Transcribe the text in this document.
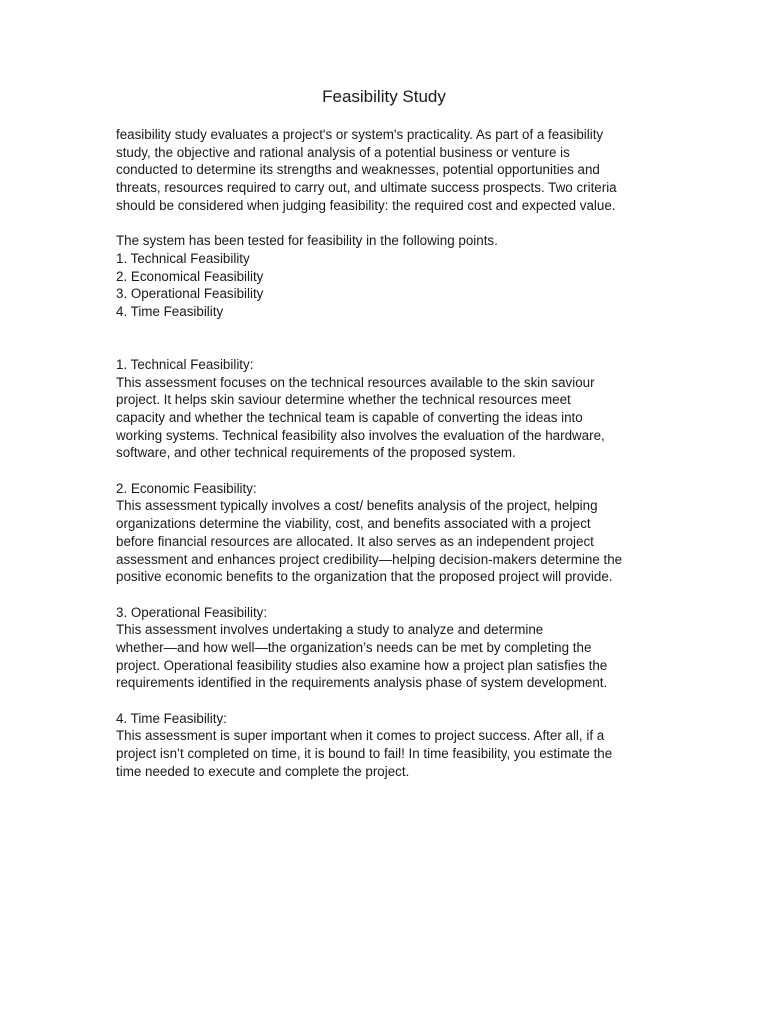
Feasibility Study
feasibility study evaluates a project's or system's practicality. As part of a feasibility
study, the objective and rational analysis of a potential business or venture is
conducted to determine its strengths and weaknesses, potential opportunities and
threats, resources required to carry out, and ultimate success prospects. Two criteria
should be considered when judging feasibility: the required cost and expected value.
The system has been tested for feasibility in the following points.
1. Technical Feasibility
2. Economical Feasibility
3. Operational Feasibility
4. Time Feasibility
1. Technical Feasibility:
This assessment focuses on the technical resources available to the skin saviour
project. It helps skin saviour determine whether the technical resources meet
capacity and whether the technical team is capable of converting the ideas into
working systems. Technical feasibility also involves the evaluation of the hardware,
software, and other technical requirements of the proposed system.
2. Economic Feasibility:
This assessment typically involves a cost/ benefits analysis of the project, helping
organizations determine the viability, cost, and benefits associated with a project
before financial resources are allocated. It also serves as an independent project
assessment and enhances project credibility—helping decision-makers determine the
positive economic benefits to the organization that the proposed project will provide.
3. Operational Feasibility:
This assessment involves undertaking a study to analyze and determine
whether—and how well—the organization’s needs can be met by completing the
project. Operational feasibility studies also examine how a project plan satisfies the
requirements identified in the requirements analysis phase of system development.
4. Time Feasibility:
This assessment is super important when it comes to project success. After all, if a
project isn’t completed on time, it is bound to fail! In time feasibility, you estimate the
time needed to execute and complete the project.
